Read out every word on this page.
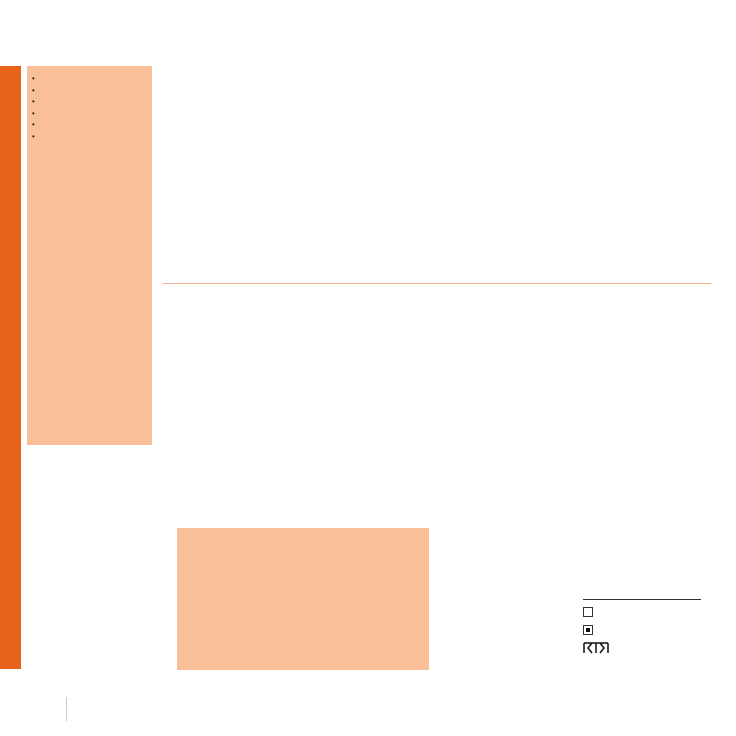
•
•
•
•
•
•
